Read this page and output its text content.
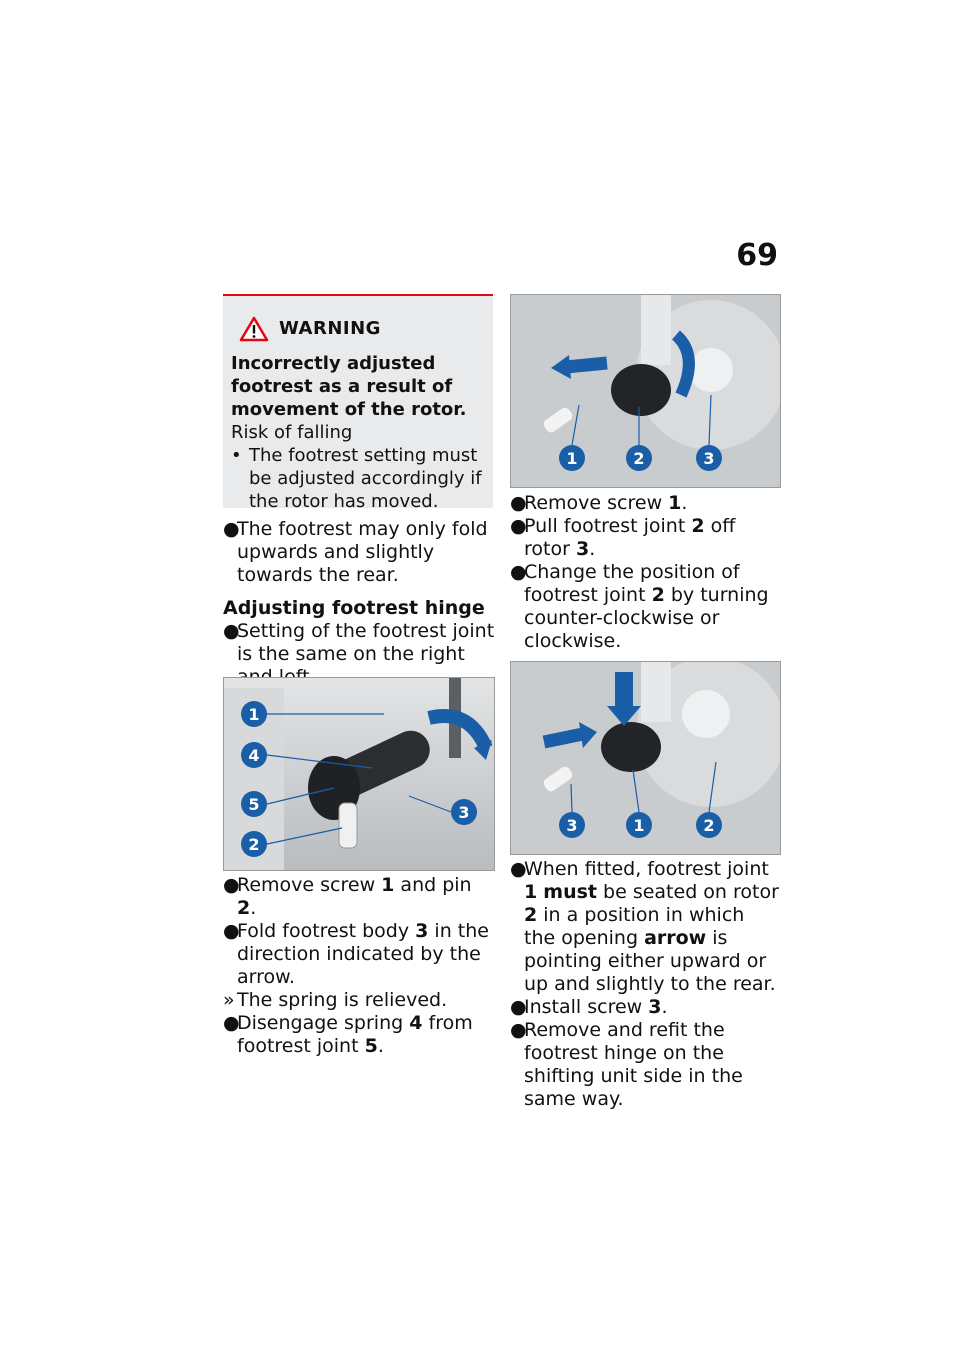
69
WARNING
Incorrectly adjusted footrest as a result of movement of the rotor.
Risk of falling
• The footrest setting must be adjusted accordingly if the rotor has moved.
●
The footrest may only fold upwards and slightly towards the rear.
Adjusting footrest hinge
●
Setting of the footrest joint is the same on the right
1
4
5
2
3
●
Remove screw 1 and pin 2.
●
Fold footrest body 3 in the direction indicated by the arrow.
» The spring is relieved.
●
Disengage spring 4 from footrest joint 5.
1	2	3
●
Remove screw 1.
●
Pull footrest joint 2 off rotor 3.
●
Change the position of footrest joint 2 by turning counter-clockwise or clockwise.
3	1	2
●
When fitted, footrest joint 1 must be seated on rotor 2 in a position in which the opening arrow is pointing either upward or up and slightly to the rear.
●
Install screw 3.
●
Remove and refit the footrest hinge on the shifting unit side in the same way.
